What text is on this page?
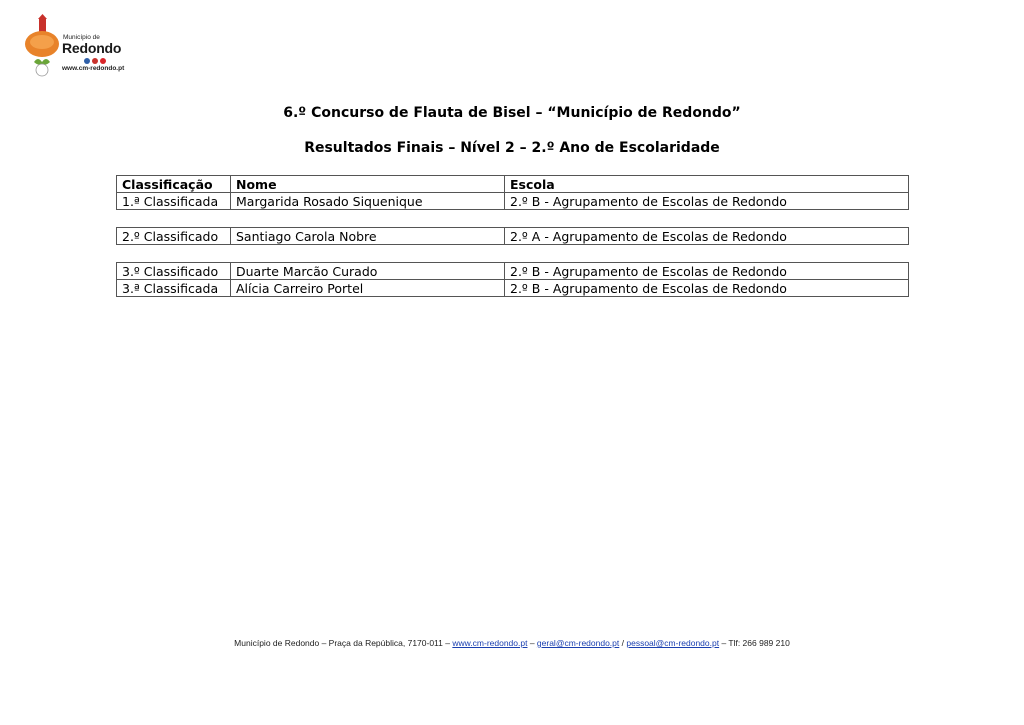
Município de
Redondo
www.cm-redondo.pt
6.º Concurso de Flauta de Bisel – “Município de Redondo”
Resultados Finais – Nível 2 – 2.º Ano de Escolaridade
Classificação	Nome	Escola
1.ª Classificada	Margarida Rosado Siquenique	2.º B - Agrupamento de Escolas de Redondo
2.º Classificado	Santiago Carola Nobre	2.º A - Agrupamento de Escolas de Redondo
3.º Classificado	Duarte Marcão Curado	2.º B - Agrupamento de Escolas de Redondo
3.ª Classificada	Alícia Carreiro Portel	2.º B - Agrupamento de Escolas de Redondo
Município de Redondo – Praça da República, 7170-011 – www.cm-redondo.pt – geral@cm-redondo.pt / pessoal@cm-redondo.pt – Tlf: 266 989 210
